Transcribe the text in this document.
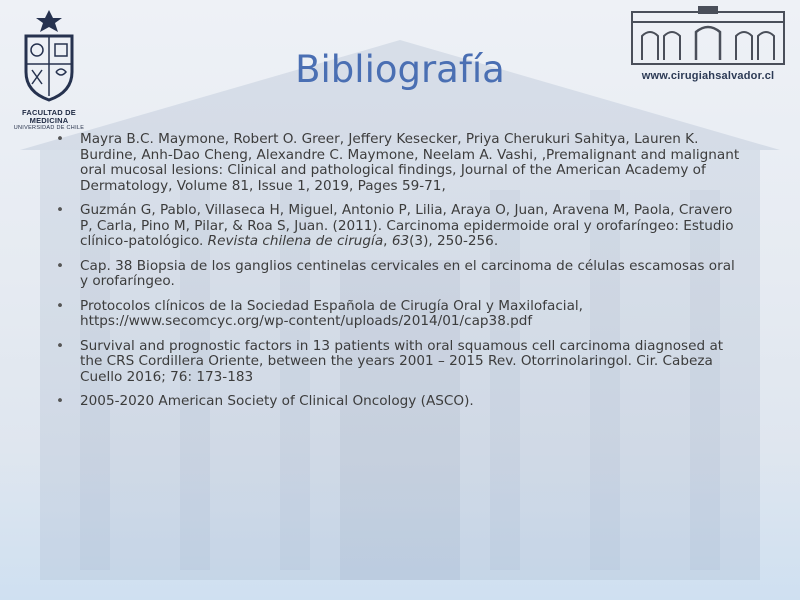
FACULTAD DE MEDICINA
UNIVERSIDAD DE CHILE
www.cirugiahsalvador.cl
Bibliografía
• Mayra B.C. Maymone, Robert O. Greer, Jeffery Kesecker, Priya Cherukuri Sahitya, Lauren K. Burdine, Anh-Dao Cheng, Alexandre C. Maymone, Neelam A. Vashi, ,Premalignant and malignant oral mucosal lesions: Clinical and pathological findings, Journal of the American Academy of Dermatology, Volume 81, Issue 1, 2019, Pages 59-71,
• Guzmán G, Pablo, Villaseca H, Miguel, Antonio P, Lilia, Araya O, Juan, Aravena M, Paola, Cravero P, Carla, Pino M, Pilar, & Roa S, Juan. (2011). Carcinoma epidermoide oral y orofaríngeo: Estudio clínico-patológico. Revista chilena de cirugía, 63(3), 250-256.
• Cap. 38 Biopsia de los ganglios centinelas cervicales en el carcinoma de células escamosas oral y orofaríngeo.
• Protocolos clínicos de la Sociedad Española de Cirugía Oral y Maxilofacial, https://www.secomcyc.org/wp-content/uploads/2014/01/cap38.pdf
• Survival and prognostic factors in 13 patients with oral squamous cell carcinoma diagnosed at the CRS Cordillera Oriente, between the years 2001 – 2015 Rev. Otorrinolaringol. Cir. Cabeza Cuello 2016; 76: 173-183
• 2005-2020 American Society of Clinical Oncology (ASCO).
